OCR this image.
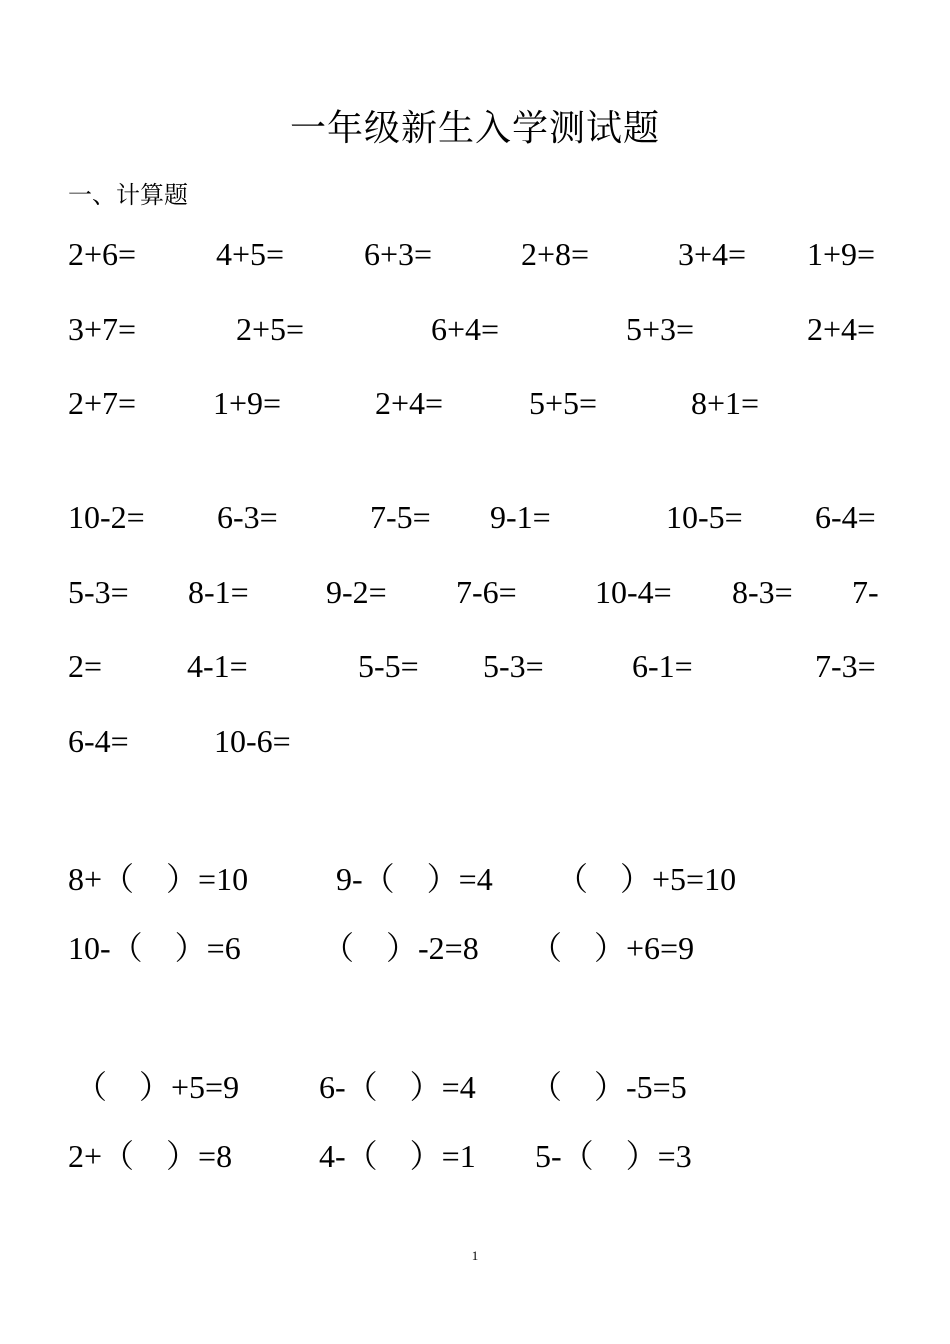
一年级新生入学测试题
一、计算题
2+6= 4+5= 6+3=	2+8=	3+4= 1+9=
3+7=	2+5=	6+4=	5+3=	2+4=
2+7= 1+9=	2+4=	5+5=	8+1=
10-2= 6-3=	7-5= 9-1=	10-5= 6-4=
5-3= 8-1= 9-2= 7-6= 10-4= 8-3= 7-
2=	4-1=	5-5= 5-3=	6-1=	7-3=
6-4=	10-6=
8+（　）=10	9-（　）=4 （　）+5=10
10-（　）=6	（　）-2=8 （　）+6=9
（　）+5=9 6-（　）=4 （　）-5=5
2+（　）=8	4-（　）=1 5-（　）=3
1
